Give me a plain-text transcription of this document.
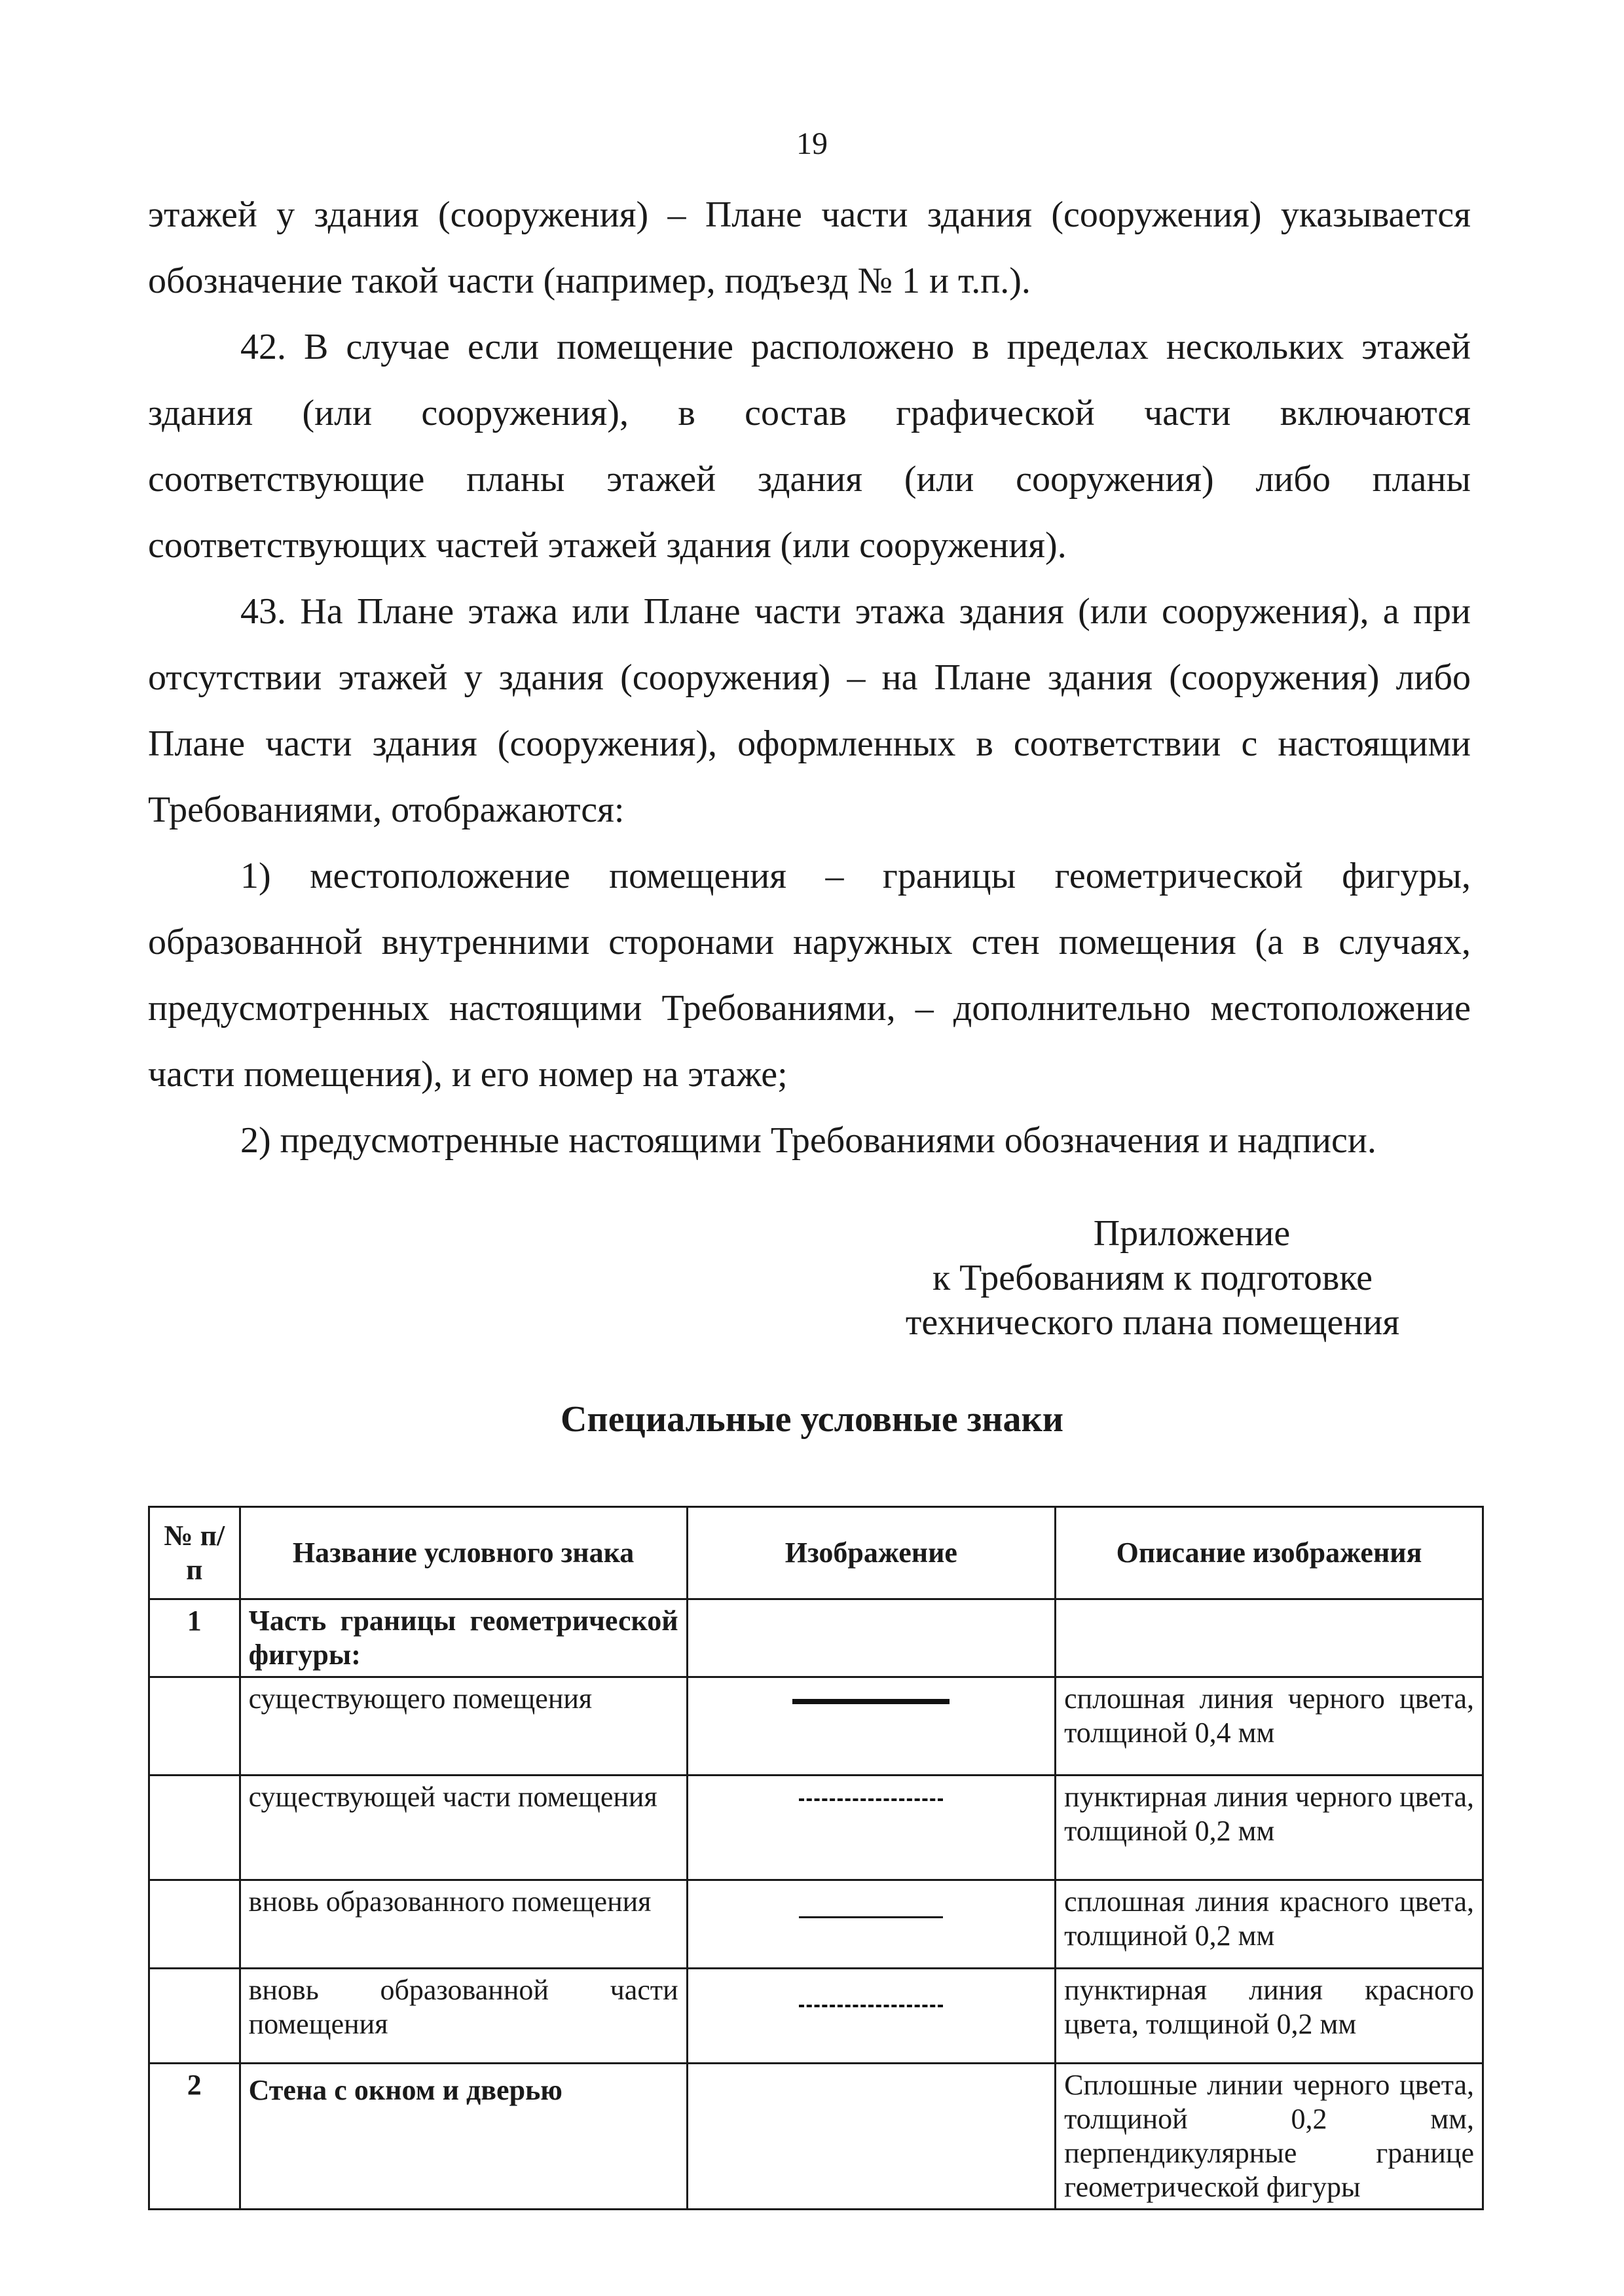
19

этажей у здания (сооружения) – Плане части здания (сооружения) указывается обозначение такой части (например, подъезд № 1 и т.п.).

42. В случае если помещение расположено в пределах нескольких этажей здания (или сооружения), в состав графической части включаются соответствующие планы этажей здания (или сооружения) либо планы соответствующих частей этажей здания (или сооружения).

43. На Плане этажа или Плане части этажа здания (или сооружения), а при отсутствии этажей у здания (сооружения) – на Плане здания (сооружения) либо Плане части здания (сооружения), оформленных в соответствии с настоящими Требованиями, отображаются:

1) местоположение помещения – границы геометрической фигуры, образованной внутренними сторонами наружных стен помещения (а в случаях, предусмотренных настоящими Требованиями, – дополнительно местоположение части помещения), и его номер на этаже;

2) предусмотренные настоящими Требованиями обозначения и надписи.

Приложение
к Требованиям к подготовке
технического плана помещения
Специальные условные знаки
№ п/п	Название условного знака	Изображение	Описание изображения
1	Часть границы геометрической фигуры:		
	существующего помещения		сплошная линия черного цвета, толщиной 0,4 мм
	существующей части помещения		пунктирная линия черного цвета, толщиной 0,2 мм
	вновь образованного помещения		сплошная линия красного цвета, толщиной 0,2 мм
	вновь образованной части помещения		пунктирная линия красного цвета, толщиной 0,2 мм
2	Стена с окном и дверью		Сплошные линии черного цвета, толщиной 0,2 мм, перпендикулярные границе геометрической фигуры
